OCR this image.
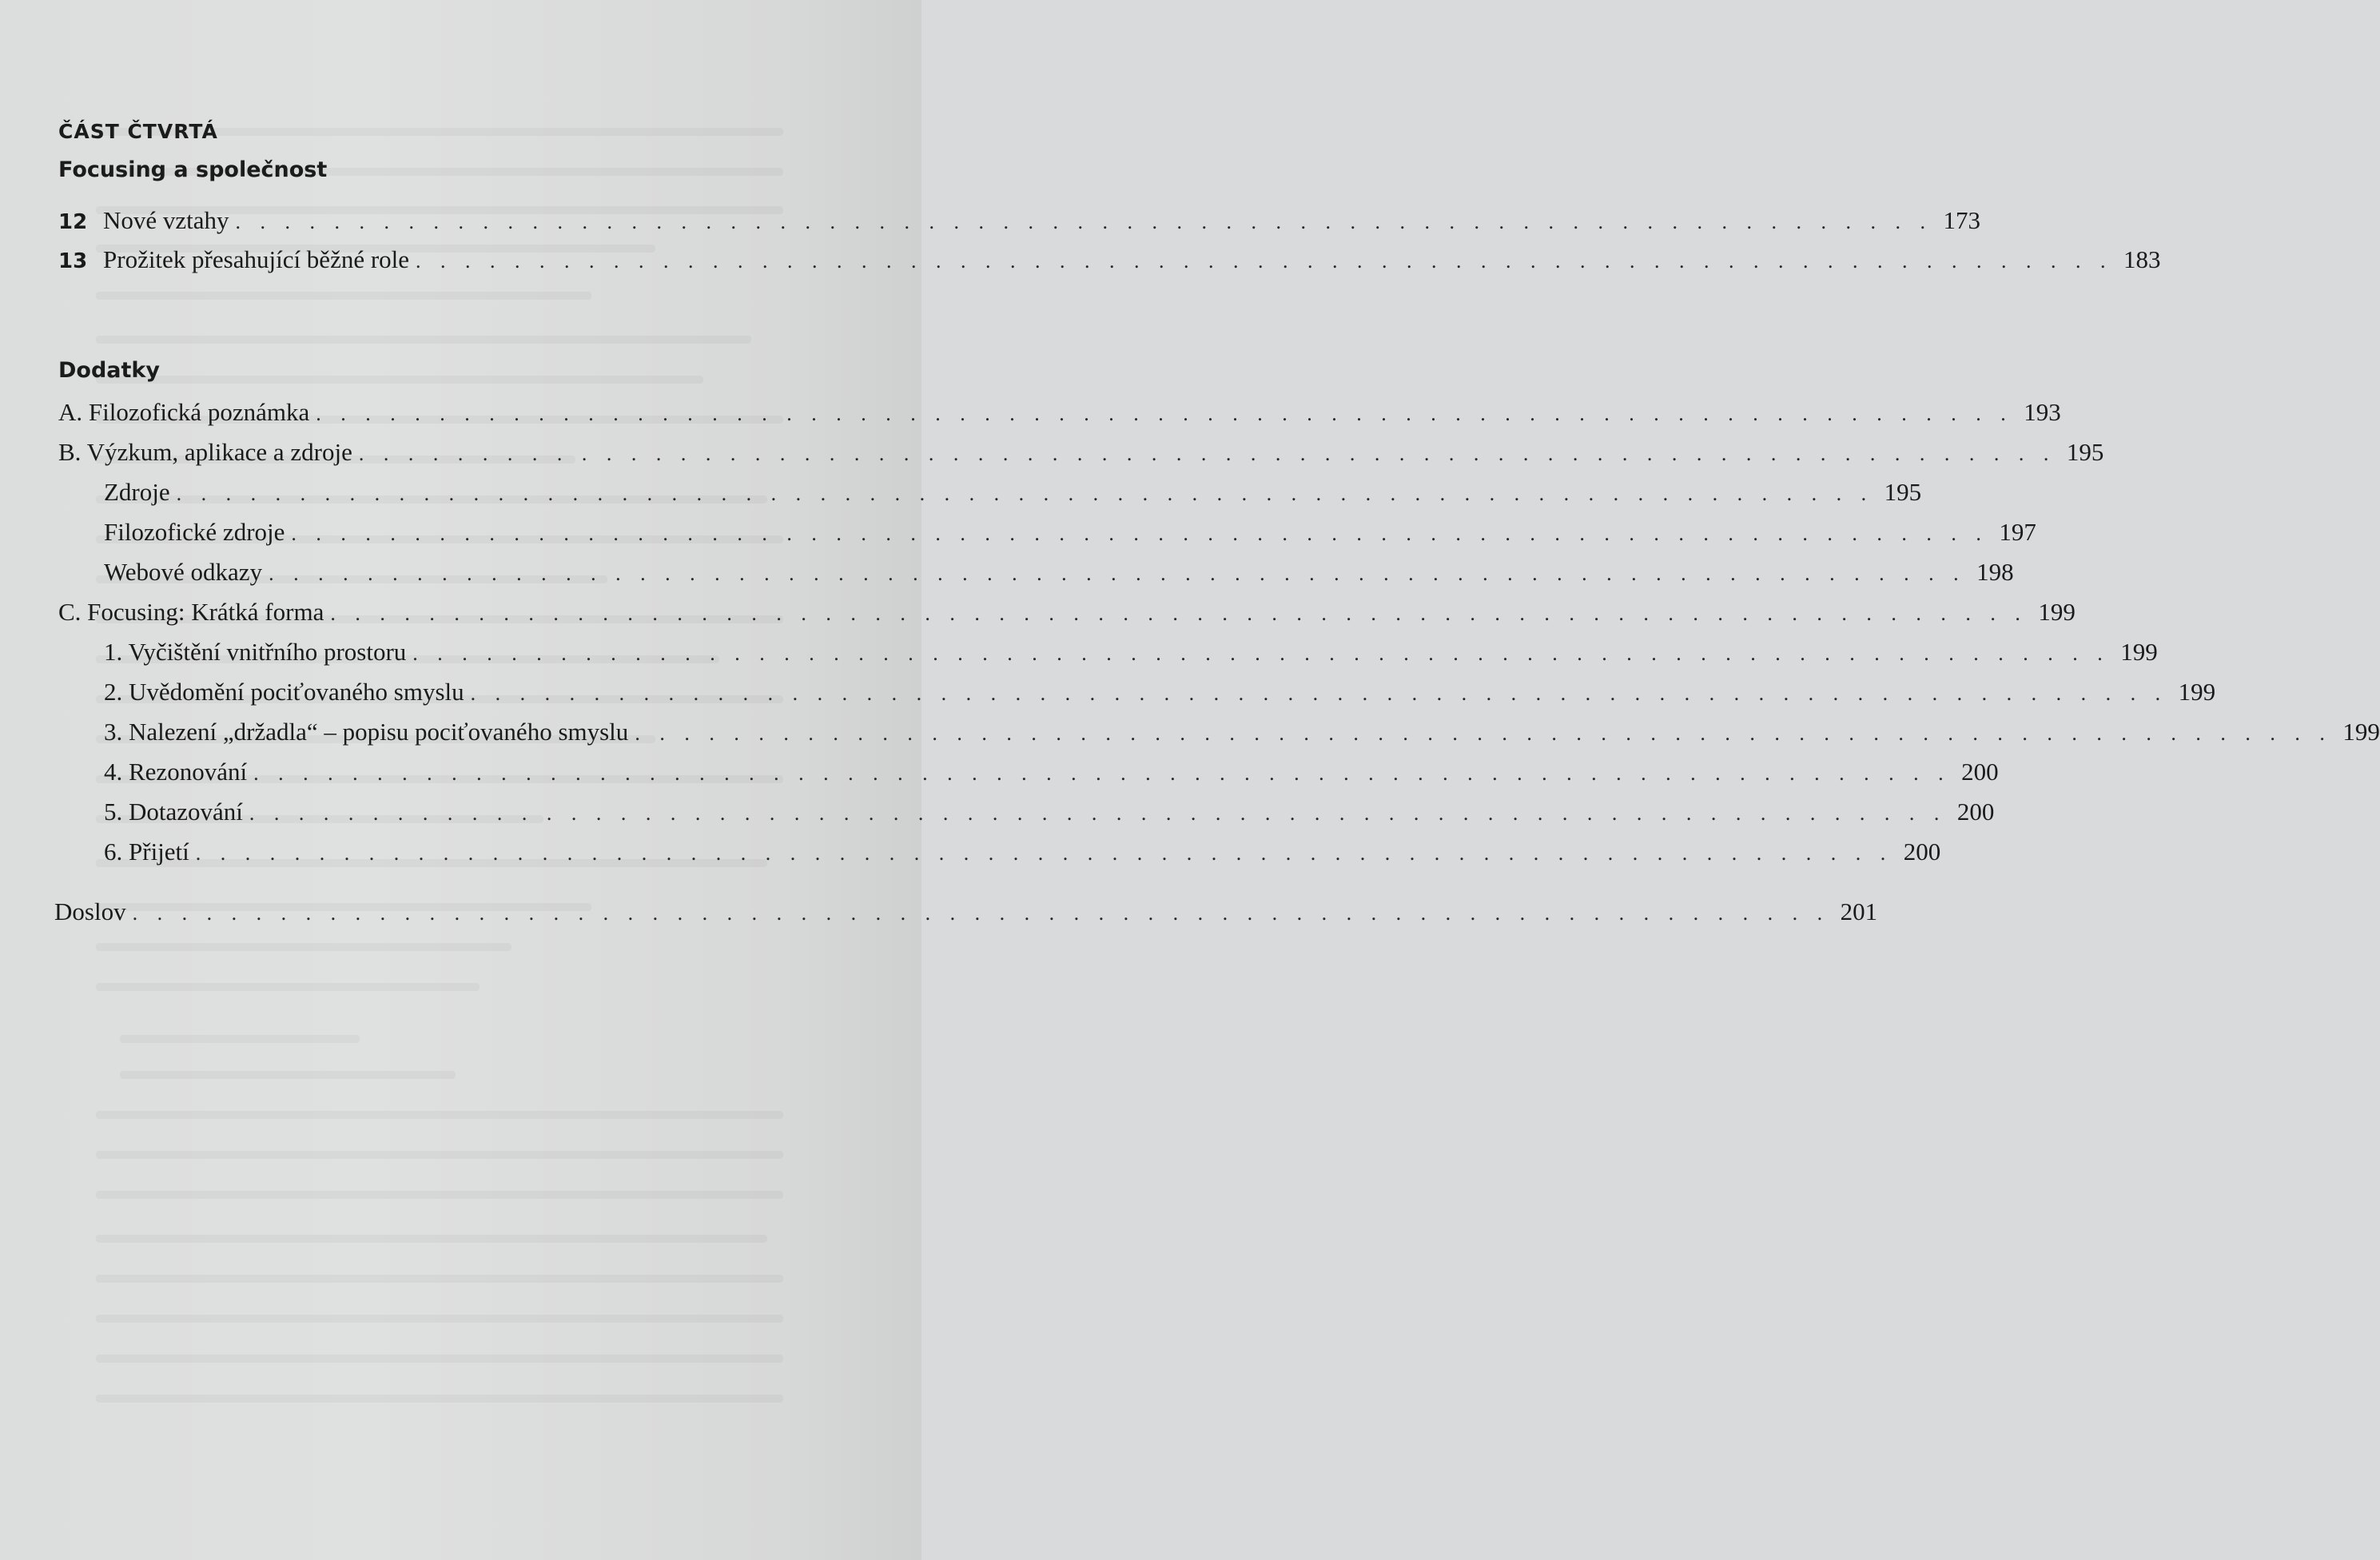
ČÁST ČTVRTÁ
Focusing a společnost
12 Nové vztahy . . . . . . . . . . . . . . . . . . . . . . . . . . . . . . . . . . . . . . . . . . . . . . . . . . . . . . . . . . . . . . . . . . . . . 173
13 Prožitek přesahující běžné role . . . . . . . . . . . . . . . . . . . . . . . . . . . . . . . . . . . . . . . . . . . . . . . . . . . . . . . . . . . . . . . . . . . . . 183
Dodatky
A. Filozofická poznámka . . . . . . . . . . . . . . . . . . . . . . . . . . . . . . . . . . . . . . . . . . . . . . . . . . . . . . . . . . . . . . . . . . . . . 193
B. Výzkum, aplikace a zdroje . . . . . . . . . . . . . . . . . . . . . . . . . . . . . . . . . . . . . . . . . . . . . . . . . . . . . . . . . . . . . . . . . . . . . 195
Zdroje . . . . . . . . . . . . . . . . . . . . . . . . . . . . . . . . . . . . . . . . . . . . . . . . . . . . . . . . . . . . . . . . . . . . . 195
Filozofické zdroje . . . . . . . . . . . . . . . . . . . . . . . . . . . . . . . . . . . . . . . . . . . . . . . . . . . . . . . . . . . . . . . . . . . . . 197
Webové odkazy . . . . . . . . . . . . . . . . . . . . . . . . . . . . . . . . . . . . . . . . . . . . . . . . . . . . . . . . . . . . . . . . . . . . . 198
C. Focusing: Krátká forma . . . . . . . . . . . . . . . . . . . . . . . . . . . . . . . . . . . . . . . . . . . . . . . . . . . . . . . . . . . . . . . . . . . . . 199
1. Vyčištění vnitřního prostoru . . . . . . . . . . . . . . . . . . . . . . . . . . . . . . . . . . . . . . . . . . . . . . . . . . . . . . . . . . . . . . . . . . . . . 199
2. Uvědomění pociťovaného smyslu . . . . . . . . . . . . . . . . . . . . . . . . . . . . . . . . . . . . . . . . . . . . . . . . . . . . . . . . . . . . . . . . . . . . . 199
3. Nalezení „držadla“ – popisu pociťovaného smyslu . . . . . . . . . . . . . . . . . . . . . . . . . . . . . . . . . . . . . . . . . . . . . . . . . . . . . . . . . . . . . . . . . . . . . 199
4. Rezonování . . . . . . . . . . . . . . . . . . . . . . . . . . . . . . . . . . . . . . . . . . . . . . . . . . . . . . . . . . . . . . . . . . . . . 200
5. Dotazování . . . . . . . . . . . . . . . . . . . . . . . . . . . . . . . . . . . . . . . . . . . . . . . . . . . . . . . . . . . . . . . . . . . . . 200
6. Přijetí . . . . . . . . . . . . . . . . . . . . . . . . . . . . . . . . . . . . . . . . . . . . . . . . . . . . . . . . . . . . . . . . . . . . . 200
Doslov . . . . . . . . . . . . . . . . . . . . . . . . . . . . . . . . . . . . . . . . . . . . . . . . . . . . . . . . . . . . . . . . . . . . . 201
